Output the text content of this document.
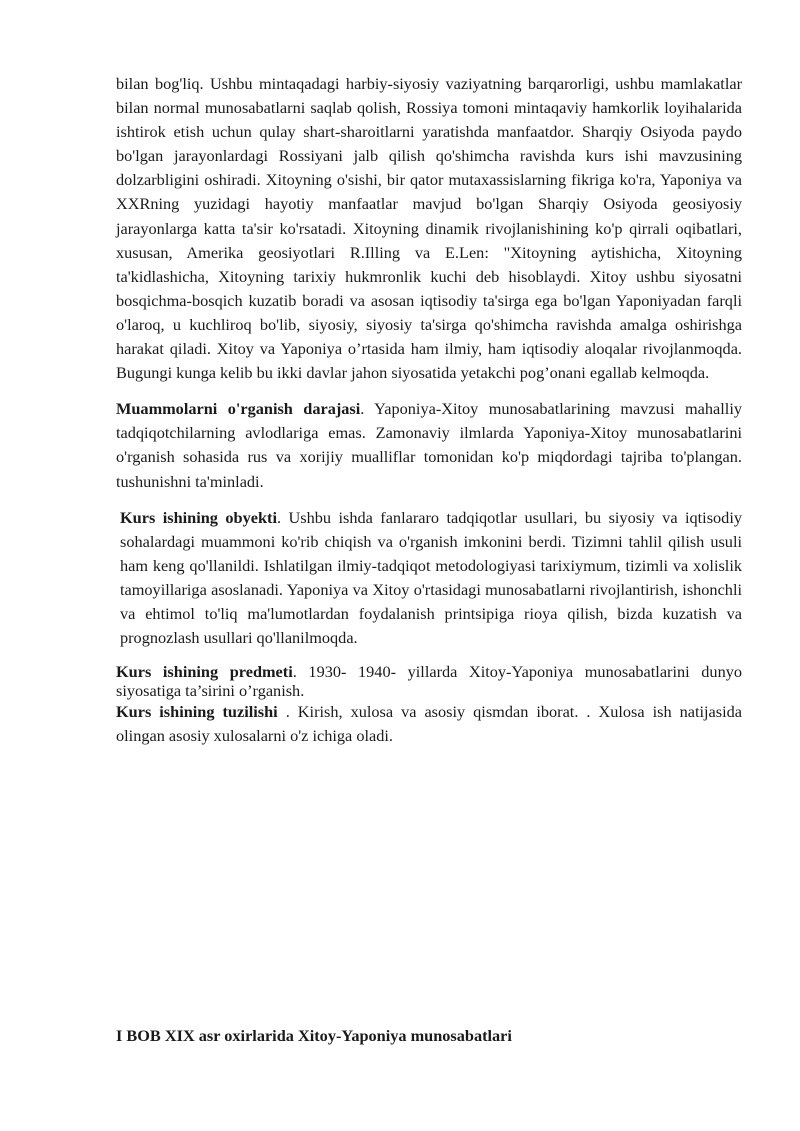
bilan bog'liq. Ushbu mintaqadagi harbiy-siyosiy vaziyatning barqarorligi, ushbu mamlakatlar bilan normal munosabatlarni saqlab qolish, Rossiya tomoni mintaqaviy hamkorlik loyihalarida ishtirok etish uchun qulay shart-sharoitlarni yaratishda manfaatdor. Sharqiy Osiyoda paydo bo'lgan jarayonlardagi Rossiyani jalb qilish qo'shimcha ravishda kurs ishi mavzusining dolzarbligini oshiradi. Xitoyning o'sishi, bir qator mutaxassislarning fikriga ko'ra, Yaponiya va XXRning yuzidagi hayotiy manfaatlar mavjud bo'lgan Sharqiy Osiyoda geosiyosiy jarayonlarga katta ta'sir ko'rsatadi. Xitoyning dinamik rivojlanishining ko'p qirrali oqibatlari, xususan, Amerika geosiyotlari R.Illing va E.Len: "Xitoyning aytishicha, Xitoyning ta'kidlashicha, Xitoyning tarixiy hukmronlik kuchi deb hisoblaydi. Xitoy ushbu siyosatni bosqichma-bosqich kuzatib boradi va asosan iqtisodiy ta'sirga ega bo'lgan Yaponiyadan farqli o'laroq, u kuchliroq bo'lib, siyosiy, siyosiy ta'sirga qo'shimcha ravishda amalga oshirishga harakat qiladi. Xitoy va Yaponiya o’rtasida ham ilmiy, ham iqtisodiy aloqalar rivojlanmoqda. Bugungi kunga kelib bu ikki davlar jahon siyosatida yetakchi pog’onani egallab kelmoqda.

Muammolarni o'rganish darajasi. Yaponiya-Xitoy munosabatlarining mavzusi mahalliy tadqiqotchilarning avlodlariga emas. Zamonaviy ilmlarda Yaponiya-Xitoy munosabatlarini o'rganish sohasida rus va xorijiy mualliflar tomonidan ko'p miqdordagi tajriba to'plangan. tushunishni ta'minladi.

Kurs ishining obyekti. Ushbu ishda fanlararo tadqiqotlar usullari, bu siyosiy va iqtisodiy sohalardagi muammoni ko'rib chiqish va o'rganish imkonini berdi. Tizimni tahlil qilish usuli ham keng qo'llanildi. Ishlatilgan ilmiy-tadqiqot metodologiyasi tarixiymum, tizimli va xolislik tamoyillariga asoslanadi. Yaponiya va Xitoy o'rtasidagi munosabatlarni rivojlantirish, ishonchli va ehtimol to'liq ma'lumotlardan foydalanish printsipiga rioya qilish, bizda kuzatish va prognozlash usullari qo'llanilmoqda.

Kurs ishining predmeti. 1930- 1940- yillarda Xitoy-Yaponiya munosabatlarini dunyo siyosatiga ta’sirini o’rganish.

Kurs ishining tuzilishi . Kirish, xulosa va asosiy qismdan iborat. . Xulosa ish natijasida olingan asosiy xulosalarni o'z ichiga oladi.

I BOB XIX asr oxirlarida Xitoy-Yaponiya munosabatlari
